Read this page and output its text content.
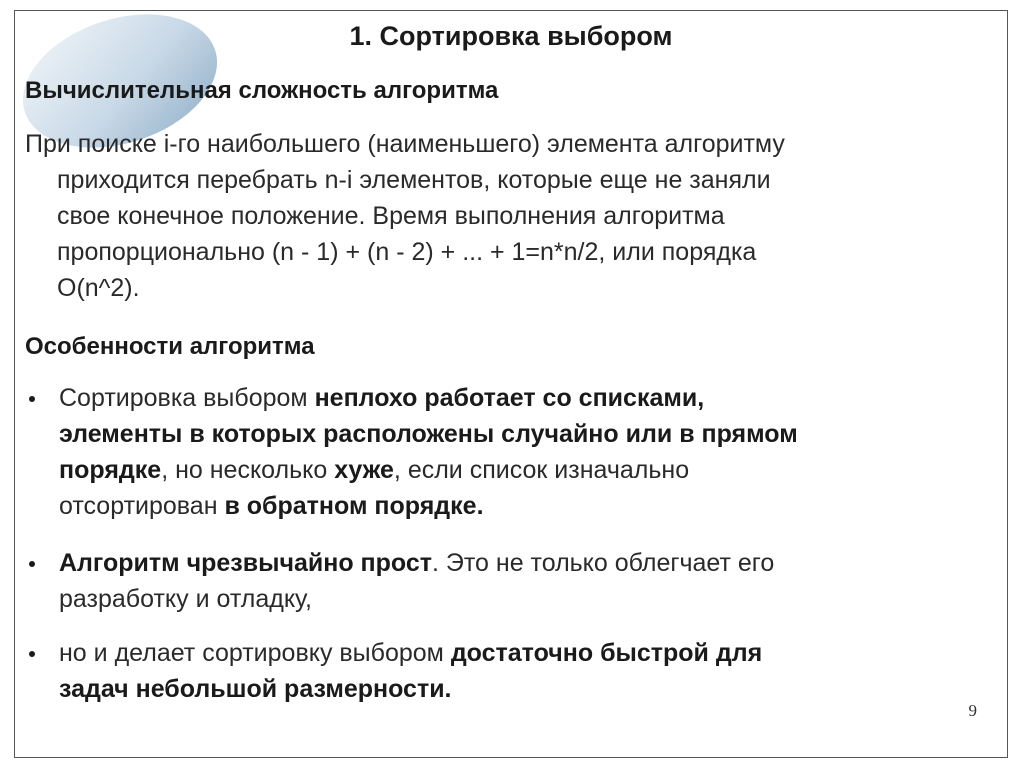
1. Сортировка выбором
Вычислительная сложность алгоритма
При поиске i-го наибольшего (наименьшего) элемента алгоритму
приходится перебрать n-i элементов, которые еще не заняли
свое конечное положение. Время выполнения алгоритма
пропорционально (n - 1) + (n - 2) + ... + 1=n*n/2, или порядка
O(n^2).
Особенности алгоритма
Сортировка выбором неплохо работает со списками,
элементы в которых расположены случайно или в прямом
порядке, но несколько хуже, если список изначально
отсортирован в обратном порядке.
Алгоритм чрезвычайно прост. Это не только облегчает его
разработку и отладку,
но и делает сортировку выбором достаточно быстрой для
задач небольшой размерности.
9
